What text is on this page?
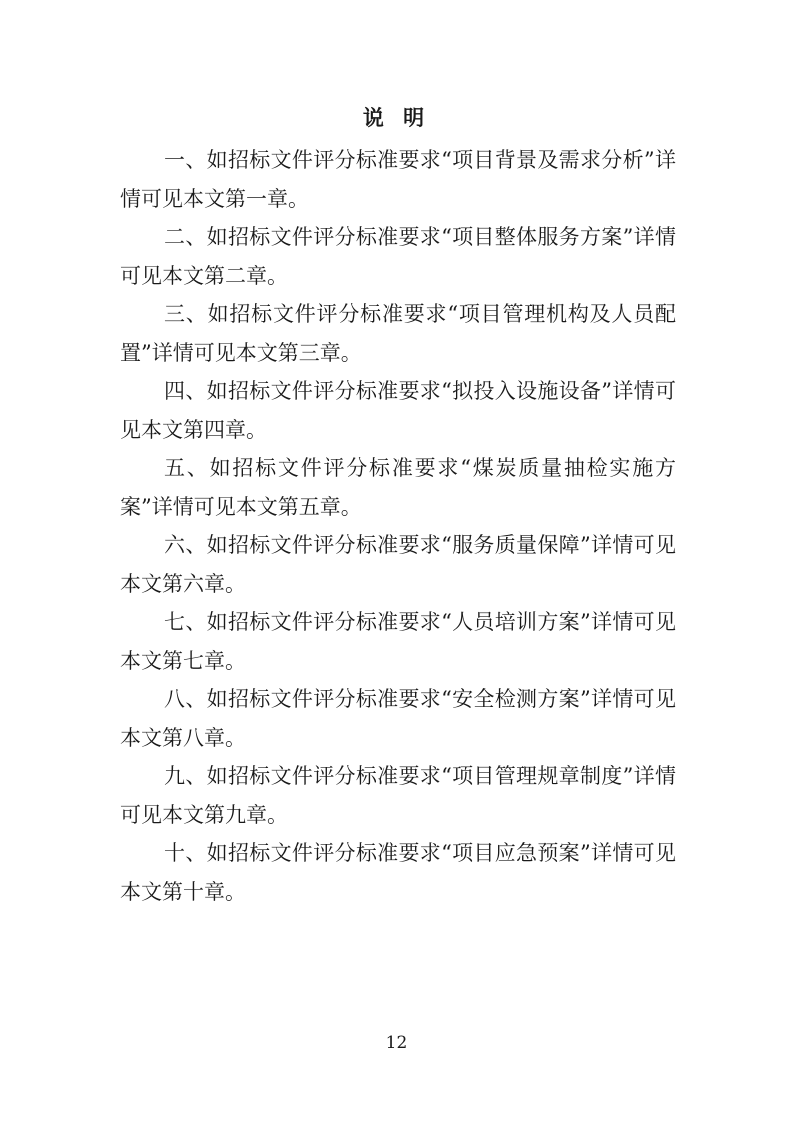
说 明

一、如招标文件评分标准要求“项目背景及需求分析”详情可见本文第一章。

二、如招标文件评分标准要求“项目整体服务方案”详情可见本文第二章。

三、如招标文件评分标准要求“项目管理机构及人员配置”详情可见本文第三章。

四、如招标文件评分标准要求“拟投入设施设备”详情可见本文第四章。

五、如招标文件评分标准要求“煤炭质量抽检实施方案”详情可见本文第五章。

六、如招标文件评分标准要求“服务质量保障”详情可见本文第六章。

七、如招标文件评分标准要求“人员培训方案”详情可见本文第七章。

八、如招标文件评分标准要求“安全检测方案”详情可见本文第八章。

九、如招标文件评分标准要求“项目管理规章制度”详情可见本文第九章。

十、如招标文件评分标准要求“项目应急预案”详情可见本文第十章。

12
